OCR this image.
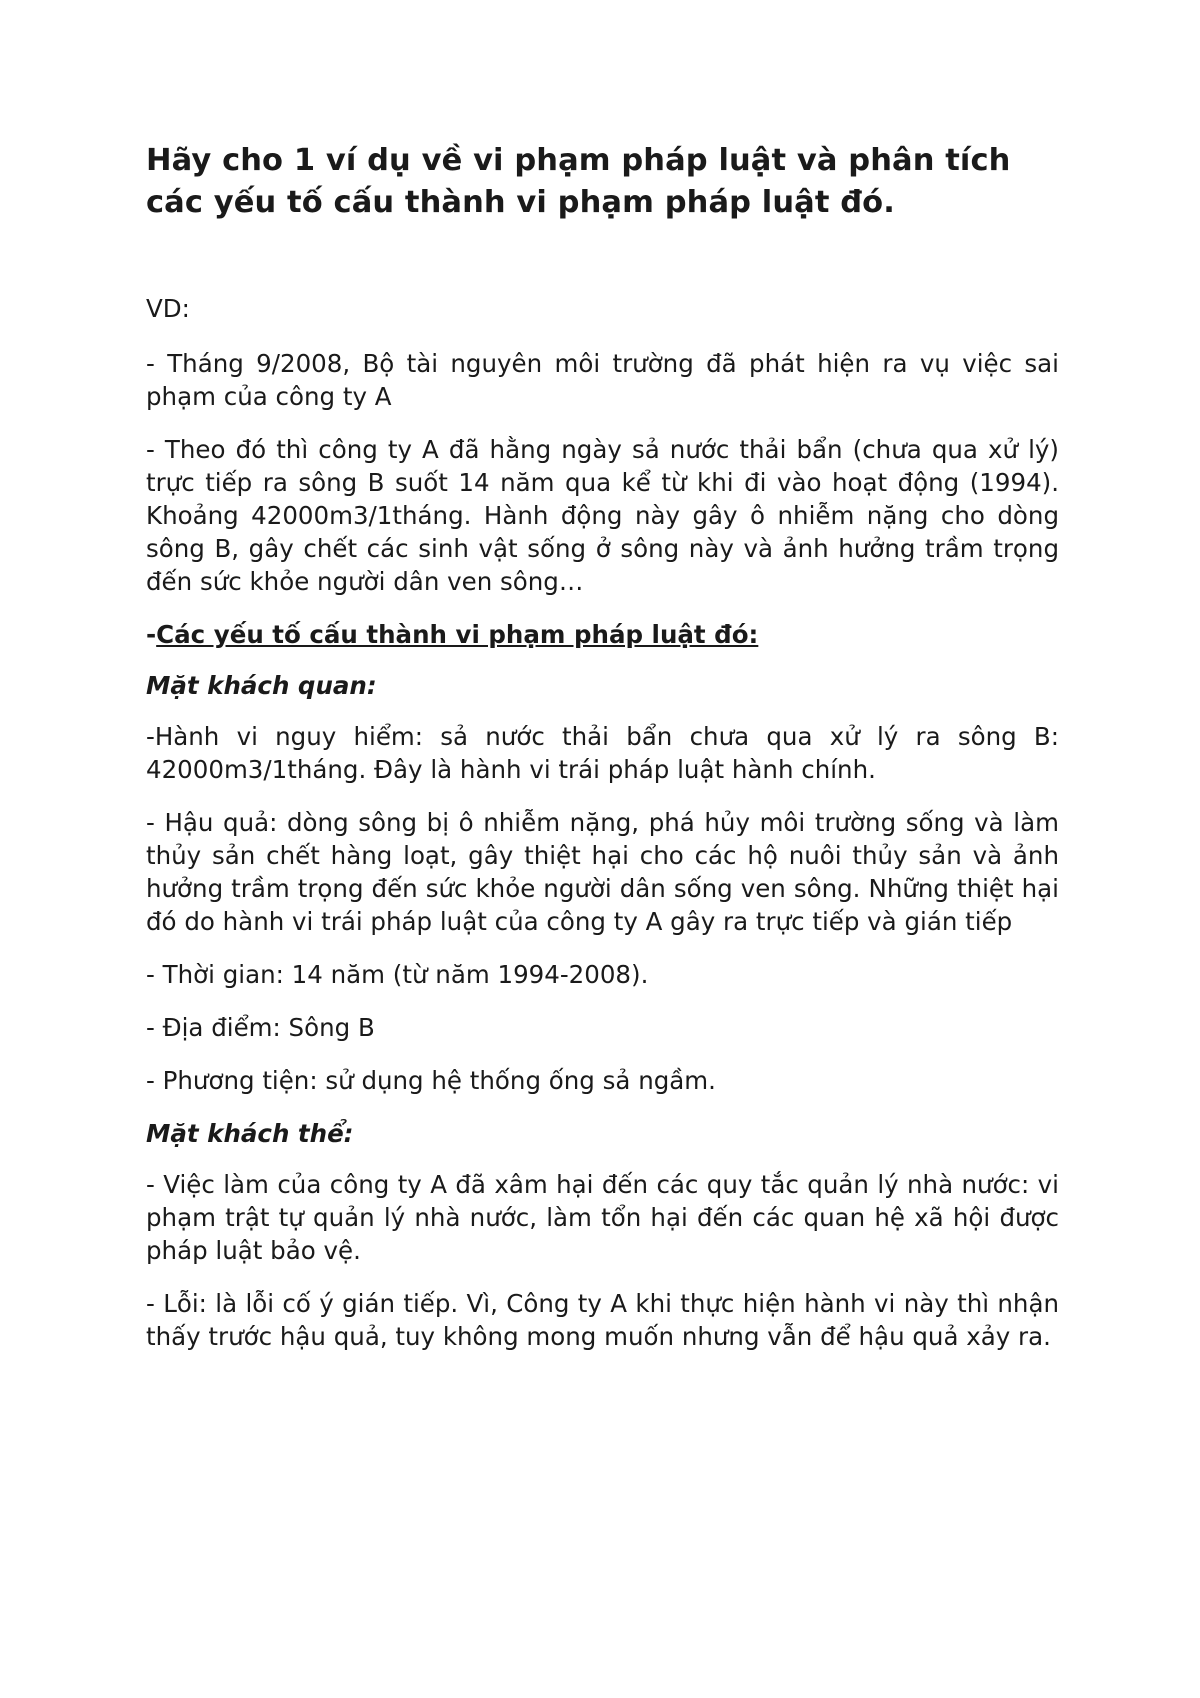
Hãy cho 1 ví dụ về vi phạm pháp luật và phân tích các yếu tố cấu thành vi phạm pháp luật đó.

VD:

- Tháng 9/2008, Bộ tài nguyên môi trường đã phát hiện ra vụ việc sai phạm của công ty A

- Theo đó thì công ty A đã hằng ngày sả nước thải bẩn (chưa qua xử lý) trực tiếp ra sông B suốt 14 năm qua kể từ khi đi vào hoạt động (1994). Khoảng 42000m3/1tháng. Hành động này gây ô nhiễm nặng cho dòng sông B, gây chết các sinh vật sống ở sông này và ảnh hưởng trầm trọng đến sức khỏe người dân ven sông…

-Các yếu tố cấu thành vi phạm pháp luật đó:

Mặt khách quan:

-Hành vi nguy hiểm: sả nước thải bẩn chưa qua xử lý ra sông B: 42000m3/1tháng. Đây là hành vi trái pháp luật hành chính.

- Hậu quả: dòng sông bị ô nhiễm nặng, phá hủy môi trường sống và làm thủy sản chết hàng loạt, gây thiệt hại cho các hộ nuôi thủy sản và ảnh hưởng trầm trọng đến sức khỏe người dân sống ven sông. Những thiệt hại đó do hành vi trái pháp luật của công ty A gây ra trực tiếp và gián tiếp

- Thời gian: 14 năm (từ năm 1994-2008).

- Địa điểm: Sông B

- Phương tiện: sử dụng hệ thống ống sả ngầm.

Mặt khách thể:

- Việc làm của công ty A đã xâm hại đến các quy tắc quản lý nhà nước: vi phạm trật tự quản lý nhà nước, làm tổn hại đến các quan hệ xã hội được pháp luật bảo vệ.

- Lỗi: là lỗi cố ý gián tiếp. Vì, Công ty A khi thực hiện hành vi này thì nhận thấy trước hậu quả, tuy không mong muốn nhưng vẫn để hậu quả xảy ra.
